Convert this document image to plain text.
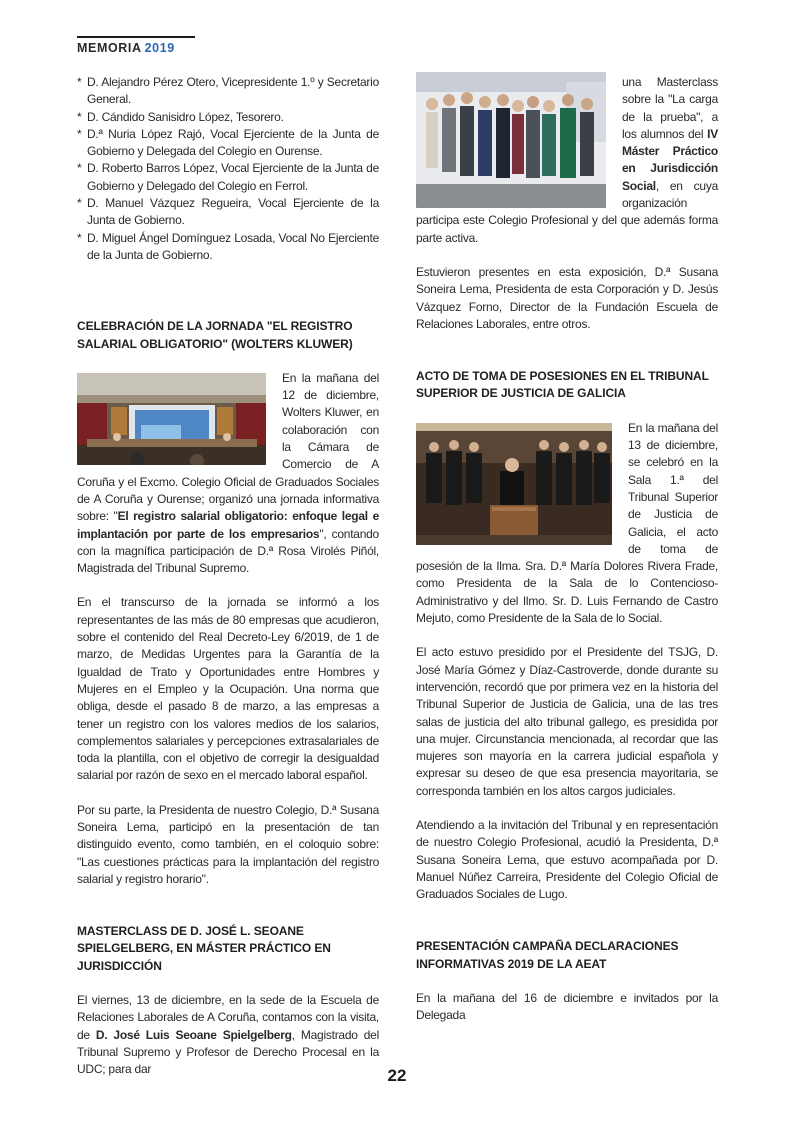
MEMORIA 2019
* D. Alejandro Pérez Otero, Vicepresidente 1.º y Secretario General.
* D. Cándido Sanisidro López, Tesorero.
* D.ª Nuria López Rajó, Vocal Ejerciente de la Junta de Gobierno y Delegada del Colegio en Ourense.
* D. Roberto Barros López, Vocal Ejerciente de la Junta de Gobierno y Delegado del Colegio en Ferrol.
* D. Manuel Vázquez Regueira, Vocal Ejerciente de la Junta de Gobierno.
* D. Miguel Ángel Domínguez Losada, Vocal No Ejerciente de la Junta de Gobierno.
CELEBRACIÓN DE LA JORNADA "EL REGISTRO SALARIAL OBLIGATORIO" (WOLTERS KLUWER)

En la mañana del 12 de diciembre, Wolters Kluwer, en colaboración con la Cámara de Comercio de A Coruña y el Excmo. Colegio Oficial de Graduados Sociales de A Coruña y Ourense; organizó una jornada informativa sobre: "El registro salarial obligatorio: enfoque legal e implantación por parte de los empresarios", contando con la magnífica participación de D.ª Rosa Virolés Piñól, Magistrada del Tribunal Supremo.

En el transcurso de la jornada se informó a los representantes de las más de 80 empresas que acudieron, sobre el contenido del Real Decreto-Ley 6/2019, de 1 de marzo, de Medidas Urgentes para la Garantía de la Igualdad de Trato y Oportunidades entre Hombres y Mujeres en el Empleo y la Ocupación. Una norma que obliga, desde el pasado 8 de marzo, a las empresas a tener un registro con los valores medios de los salarios, complementos salariales y percepciones extrasalariales de toda la plantilla, con el objetivo de corregir la desigualdad salarial por razón de sexo en el mercado laboral español.

Por su parte, la Presidenta de nuestro Colegio, D.ª Susana Soneira Lema, participó en la presentación de tan distinguido evento, como también, en el coloquio sobre: "Las cuestiones prácticas para la implantación del registro salarial y registro horario".

MASTERCLASS DE D. JOSÉ L. SEOANE SPIELGELBERG, EN MÁSTER PRÁCTICO EN JURISDICCIÓN

El viernes, 13 de diciembre, en la sede de la Escuela de Relaciones Laborales de A Coruña, contamos con la visita, de D. José Luis Seoane Spielgelberg, Magistrado del Tribunal Supremo y Profesor de Derecho Procesal en la UDC; para dar

una Masterclass sobre la "La carga de la prueba", a los alumnos del IV Máster Práctico en Jurisdicción Social, en cuya organización participa este Colegio Profesional y del que además forma parte activa.

Estuvieron presentes en esta exposición, D.ª Susana Soneira Lema, Presidenta de esta Corporación y D. Jesús Vázquez Forno, Director de la Fundación Escuela de Relaciones Laborales, entre otros.

ACTO DE TOMA DE POSESIONES EN EL TRIBUNAL SUPERIOR DE JUSTICIA DE GALICIA

En la mañana del 13 de diciembre, se celebró en la Sala 1.ª del Tribunal Superior de Justicia de Galicia, el acto de toma de posesión de la Ilma. Sra. D.ª María Dolores Rivera Frade, como Presidenta de la Sala de lo Contencioso-Administrativo y del Ilmo. Sr. D. Luis Fernando de Castro Mejuto, como Presidente de la Sala de lo Social.

El acto estuvo presidido por el Presidente del TSJG, D. José María Gómez y Díaz-Castroverde, donde durante su intervención, recordó que por primera vez en la historia del Tribunal Superior de Justicia de Galicia, una de las tres salas de justicia del alto tribunal gallego, es presidida por una mujer. Circunstancia mencionada, al recordar que las mujeres son mayoría en la carrera judicial española y expresar su deseo de que esa presencia mayoritaria, se corresponda también en los altos cargos judiciales.

Atendiendo a la invitación del Tribunal y en representación de nuestro Colegio Profesional, acudió la Presidenta, D.ª Susana Soneira Lema, que estuvo acompañada por D. Manuel Núñez Carreira, Presidente del Colegio Oficial de Graduados Sociales de Lugo.

PRESENTACIÓN CAMPAÑA DECLARACIONES INFORMATIVAS 2019 DE LA AEAT

En la mañana del 16 de diciembre e invitados por la Delegada

22
